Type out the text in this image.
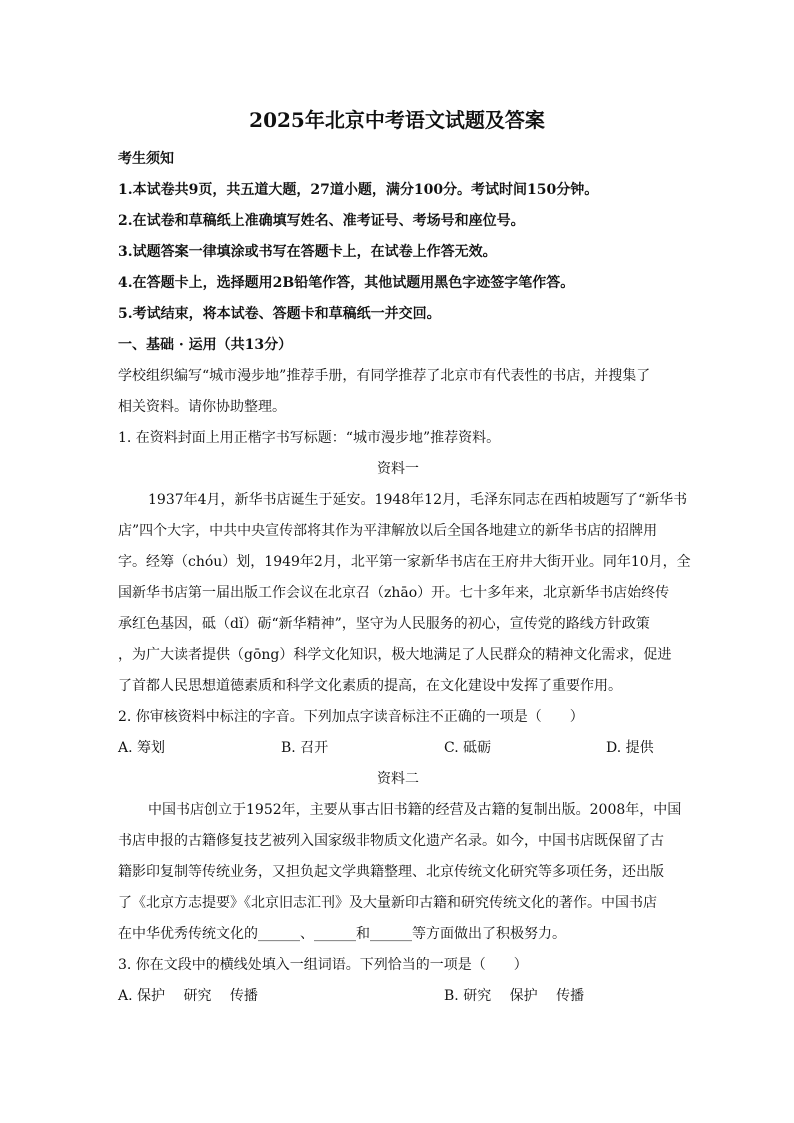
2025年北京中考语文试题及答案
考生须知
1.本试卷共9页，共五道大题，27道小题，满分100分。考试时间150分钟。
2.在试卷和草稿纸上准确填写姓名、准考证号、考场号和座位号。
3.试题答案一律填涂或书写在答题卡上，在试卷上作答无效。
4.在答题卡上，选择题用2B铅笔作答，其他试题用黑色字迹签字笔作答。
5.考试结束，将本试卷、答题卡和草稿纸一并交回。
一、基础 · 运用（共13分）
学校组织编写“城市漫步地”推荐手册，有同学推荐了北京市有代表性的书店，并搜集了
相关资料。请你协助整理。
1. 在资料封面上用正楷字书写标题：“城市漫步地”推荐资料。
资料一
1937年4月，新华书店诞生于延安。1948年12月，毛泽东同志在西柏坡题写了“新华书
店”四个大字，中共中央宣传部将其作为平津解放以后全国各地建立的新华书店的招牌用
字。经筹（chóu）划，1949年2月，北平第一家新华书店在王府井大街开业。同年10月，全
国新华书店第一届出版工作会议在北京召（zhāo）开。七十多年来，北京新华书店始终传
承红色基因，砥（dǐ）砺“新华精神”，坚守为人民服务的初心，宣传党的路线方针政策
，为广大读者提供（gōng）科学文化知识，极大地满足了人民群众的精神文化需求，促进
了首都人民思想道德素质和科学文化素质的提高，在文化建设中发挥了重要作用。
2. 你审核资料中标注的字音。下列加点字读音标注不正确的一项是（　　）
A. 筹划	B. 召开	C. 砥砺	D. 提供
资料二
中国书店创立于1952年，主要从事古旧书籍的经营及古籍的复制出版。2008年，中国
书店申报的古籍修复技艺被列入国家级非物质文化遗产名录。如今，中国书店既保留了古
籍影印复制等传统业务，又担负起文学典籍整理、北京传统文化研究等多项任务，还出版
了《北京方志提要》《北京旧志汇刊》及大量新印古籍和研究传统文化的著作。中国书店
在中华优秀传统文化的______、______和______等方面做出了积极努力。
3. 你在文段中的横线处填入一组词语。下列恰当的一项是（　　）
A. 保护　 研究　 传播	B. 研究　 保护　 传播
